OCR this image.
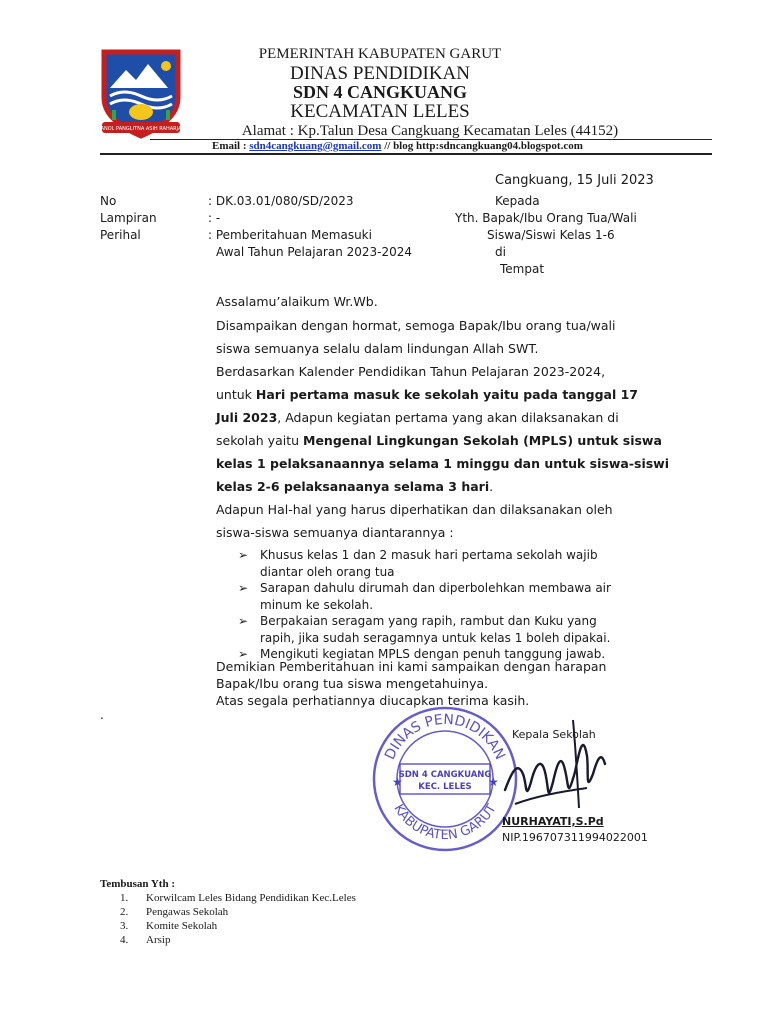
ANOL PANGLITNA ASIH RAHARJA
PEMERINTAH KABUPATEN GARUT
DINAS PENDIDIKAN
SDN 4 CANGKUANG
KECAMATAN LELES
Alamat : Kp.Talun Desa Cangkuang Kecamatan Leles (44152)
Email : sdn4cangkuang@gmail.com // blog http:sdncangkuang04.blogspot.com
Cangkuang, 15 Juli 2023
No	: DK.03.01/080/SD/2023
Lampiran	: -
Perihal	: Pemberitahuan Memasuki
Awal Tahun Pelajaran 2023-2024
Kepada
Yth. Bapak/Ibu Orang Tua/Wali
Siswa/Siswi Kelas 1-6
di
Tempat
Assalamu’alaikum Wr.Wb.
Disampaikan dengan hormat, semoga Bapak/Ibu orang tua/wali
siswa semuanya selalu dalam lindungan Allah SWT.
Berdasarkan Kalender Pendidikan Tahun Pelajaran 2023-2024,
untuk Hari pertama masuk ke sekolah yaitu pada tanggal 17
Juli 2023, Adapun kegiatan pertama yang akan dilaksanakan di
sekolah yaitu Mengenal Lingkungan Sekolah (MPLS) untuk siswa
kelas 1 pelaksanaannya selama 1 minggu dan untuk siswa-siswi
kelas 2-6 pelaksanaanya selama 3 hari.
Adapun Hal-hal yang harus diperhatikan dan dilaksanakan oleh
siswa-siswa semuanya diantarannya :
➢ Khusus kelas 1 dan 2 masuk hari pertama sekolah wajib
diantar oleh orang tua
➢ Sarapan dahulu dirumah dan diperbolehkan membawa air
minum ke sekolah.
➢ Berpakaian seragam yang rapih, rambut dan Kuku yang
rapih, jika sudah seragamnya untuk kelas 1 boleh dipakai.
➢ Mengikuti kegiatan MPLS dengan penuh tanggung jawab.
Demikian Pemberitahuan ini kami sampaikan dengan harapan
Bapak/Ibu orang tua siswa mengetahuinya.
Atas segala perhatiannya diucapkan terima kasih.
.
Kepala Sekolah
DINAS PENDIDIKAN
KABUPATEN GARUT
★	★
SDN 4 CANGKUANG
KEC. LELES
NURHAYATI,S.Pd
NIP.196707311994022001
Tembusan Yth :
1. Korwilcam Leles Bidang Pendidikan Kec.Leles
2. Pengawas Sekolah
3. Komite Sekolah
4. Arsip
